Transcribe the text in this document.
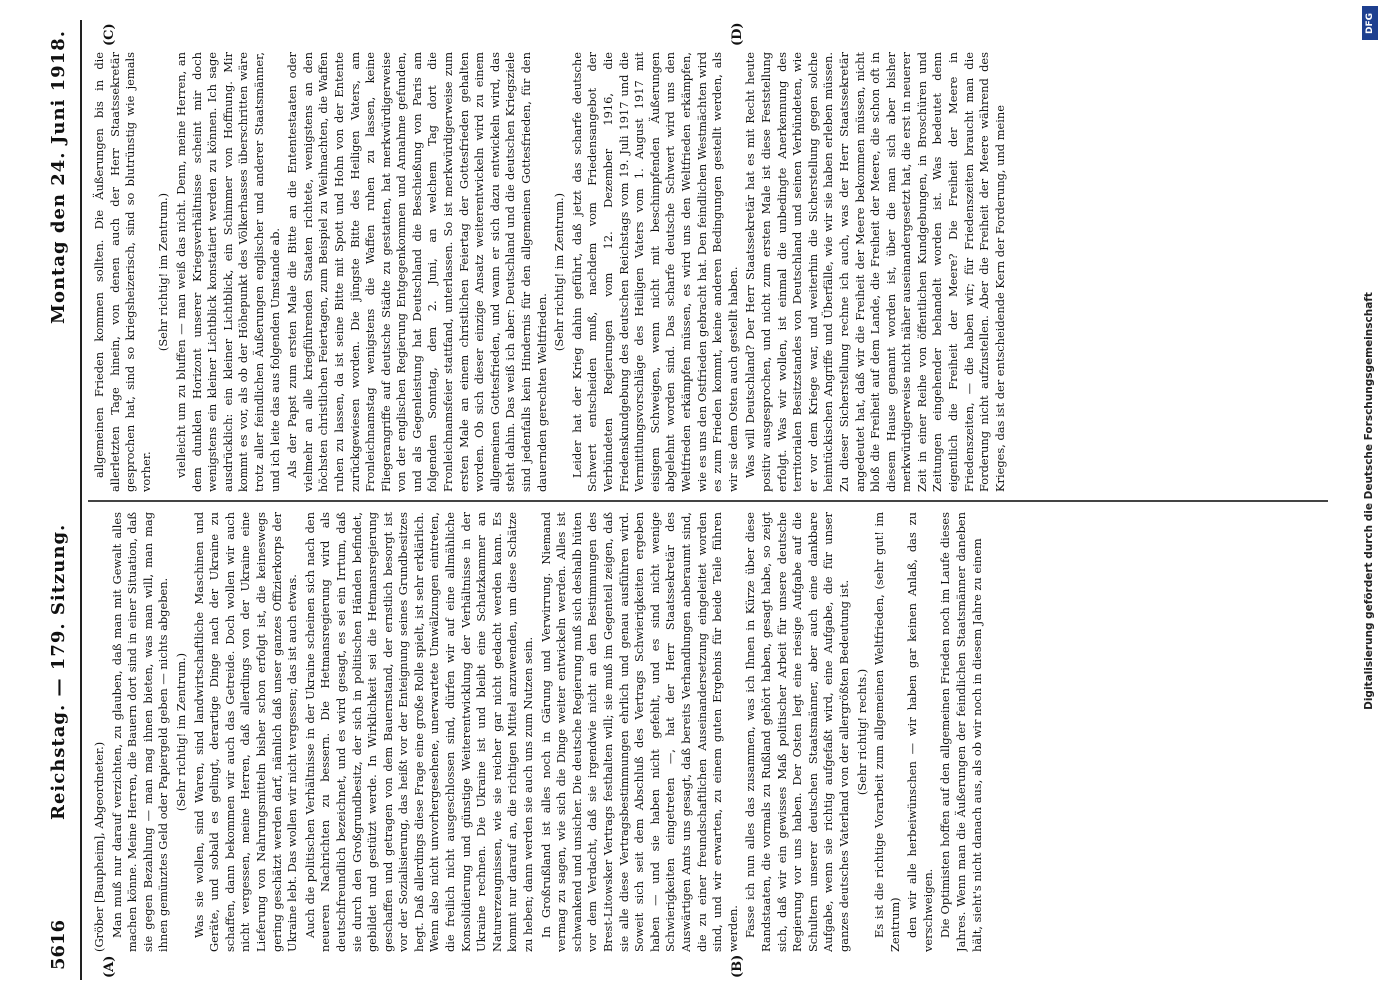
5616
Reichstag. — 179. Sitzung.
Montag den 24. Juni 1918.
(A)	(B)
(C)	(D)

(Gröber [Baupheim], Abgeordneter.) Man muß nur darauf verzichten, zu glauben, daß man mit Gewalt alles machen könne. Meine Herren, die Bauern dort sind in einer Situation, daß sie gegen Bezahlung — man mag ihnen bieten, was man will, man mag ihnen gemünztes Geld oder Papiergeld geben — nichts abgeben. (Sehr richtig! im Zentrum.) Was sie wollen, sind Waren, sind landwirtschaftliche Maschinen und Geräte, und sobald es gelingt, derartige Dinge nach der Ukraine zu schaffen, dann bekommen wir auch das Getreide. Doch wollen wir auch nicht vergessen, meine Herren, daß allerdings von der Ukraine eine Lieferung von Nahrungsmitteln bisher schon erfolgt ist, die keineswegs gering geschätzt werden darf, nämlich daß unser ganzes Offizierkorps der Ukraine lebt. Das wollen wir nicht vergessen; das ist auch etwas. Auch die politischen Verhältnisse in der Ukraine scheinen sich nach den neueren Nachrichten zu bessern. Die Hetmansregierung wird als deutschfreundlich bezeichnet, und es wird gesagt, es sei ein Irrtum, daß sie durch den Großgrundbesitz, der sich in politischen Händen befindet, gebildet und gestützt werde. In Wirklichkeit sei die Hetmansregierung geschaffen und getragen von dem Bauernstand, der ernstlich besorgt ist vor der Sozialisierung, das heißt vor der Enteignung seines Grundbesitzes hegt. Daß allerdings diese Frage eine große Rolle spielt, ist sehr erklärlich. Wenn also nicht unvorhergesehene, unerwartete Umwälzungen eintreten, die freilich nicht ausgeschlossen sind, dürfen wir auf eine allmähliche Konsolidierung und günstige Weiterentwicklung der Verhältnisse in der Ukraine rechnen. Die Ukraine ist und bleibt eine Schatzkammer an Naturerzeugnissen, wie sie reicher gar nicht gedacht werden kann. Es kommt nur darauf an, die richtigen Mittel anzuwenden, um diese Schätze zu heben; dann werden sie auch uns zum Nutzen sein. In Großrußland ist alles noch in Gärung und Verwirrung. Niemand vermag zu sagen, wie sich die Dinge weiter entwickeln werden. Alles ist schwankend und unsicher. Die deutsche Regierung muß sich deshalb hüten vor dem Verdacht, daß sie irgendwie nicht an den Bestimmungen des Brest-Litowsker Vertrags festhalten will; sie muß im Gegenteil zeigen, daß sie alle diese Vertragsbestimmungen ehrlich und genau ausführen wird. Soweit sich seit dem Abschluß des Vertrags Schwierigkeiten ergeben haben — und sie haben nicht gefehlt, und es sind nicht wenige Schwierigkeiten eingetreten —, hat der Herr Staatssekretär des Auswärtigen Amts uns gesagt, daß bereits Verhandlungen anberaumt sind, die zu einer freundschaftlichen Auseinandersetzung eingeleitet worden sind, und wir erwarten, zu einem guten Ergebnis für beide Teile führen werden. Fasse ich nun alles das zusammen, was ich Ihnen in Kürze über diese Randstaaten, die vormals zu Rußland gehört haben, gesagt habe, so zeigt sich, daß wir ein gewisses Maß politischer Arbeit für unsere deutsche Regierung vor uns haben. Der Osten legt eine riesige Aufgabe auf die Schultern unserer deutschen Staatsmänner, aber auch eine dankbare Aufgabe, wenn sie richtig aufgefaßt wird, eine Aufgabe, die für unser ganzes deutsches Vaterland von der allergrößten Bedeutung ist. (Sehr richtig! rechts.) Es ist die richtige Vorarbeit zum allgemeinen Weltfrieden, (sehr gut! im Zentrum) den wir alle herbeiwünschen — wir haben gar keinen Anlaß, das zu verschweigen. Die Optimisten hoffen auf den allgemeinen Frieden noch im Laufe dieses Jahres. Wenn man die Äußerungen der feindlichen Staatsmänner daneben hält, sieht's nicht danach aus, als ob wir noch in diesem Jahre zu einem

allgemeinen Frieden kommen sollten. Die Äußerungen bis in die allerletzten Tage hinein, von denen auch der Herr Staatssekretär gesprochen hat, sind so kriegsheizerisch, sind so blutrünstig wie jemals vorher.

(Sehr richtig! im Zentrum.) vielleicht um zu bluffen — man weiß das nicht. Denn, meine Herren, an dem dunklen Horizont unserer Kriegsverhältnisse scheint mir doch wenigstens ein kleiner Lichtblick konstatiert werden zu können. Ich sage ausdrücklich: ein kleiner Lichtblick, ein Schimmer von Hoffnung. Mir kommt es vor, als ob der Höhepunkt des Völkerhasses überschritten wäre trotz aller feindlichen Äußerungen englischer und anderer Staatsmänner, und ich leite das aus folgenden Umstande ab. Als der Papst zum ersten Male die Bitte an die Ententestaaten oder vielmehr an alle kriegführenden Staaten richtete, wenigstens an den höchsten christlichen Feiertagen, zum Beispiel zu Weihnachten, die Waffen ruhen zu lassen, da ist seine Bitte mit Spott und Hohn von der Entente zurückgewiesen worden. Die jüngste Bitte des Heiligen Vaters, am Fronleichnamstag wenigstens die Waffen ruhen zu lassen, keine Fliegerangriffe auf deutsche Städte zu gestatten, hat merkwürdigerweise von der englischen Regierung Entgegenkommen und Annahme gefunden, und als Gegenleistung hat Deutschland die Beschießung von Paris am folgenden Sonntag, dem 2. Juni, an welchem Tag dort die Fronleichnamsfeier stattfand, unterlassen. So ist merkwürdigerweise zum ersten Male an einem christlichen Feiertag der Gottesfrieden gehalten worden. Ob sich dieser einzige Ansatz weiterentwickeln wird zu einem allgemeinen Gottesfrieden, und wann er sich dazu entwickeln wird, das steht dahin. Das weiß ich aber: Deutschland und die deutschen Kriegsziele sind jedenfalls kein Hindernis für den allgemeinen Gottesfrieden, für den dauernden gerechten Weltfrieden.

(Sehr richtig! im Zentrum.) Leider hat der Krieg dahin geführt, daß jetzt das scharfe deutsche Schwert entscheiden muß, nachdem vom Friedensangebot der Verbündeten Regierungen vom 12. Dezember 1916, die Friedenskundgebung des deutschen Reichstags vom 19. Juli 1917 und die Vermittlungsvorschläge des Heiligen Vaters vom 1. August 1917 mit eisigem Schweigen, wenn nicht mit beschimpfenden Äußerungen abgelehnt worden sind. Das scharfe deutsche Schwert wird uns den Weltfrieden erkämpfen müssen, es wird uns den Weltfrieden erkämpfen, wie es uns den Ostfrieden gebracht hat. Den feindlichen Westmächten wird es zum Frieden kommt, keine anderen Bedingungen gestellt werden, als wir sie dem Osten auch gestellt haben. Was will Deutschland? Der Herr Staatssekretär hat es mit Recht heute positiv ausgesprochen, und nicht zum ersten Male ist diese Feststellung erfolgt. Was wir wollen, ist einmal die unbedingte Anerkennung des territorialen Besitzstandes von Deutschland und seinen Verbündeten, wie er vor dem Kriege war, und weiterhin die Sicherstellung gegen solche heimtückischen Angriffe und Überfälle, wie wir sie haben erleben müssen. Zu dieser Sicherstellung rechne ich auch, was der Herr Staatssekretär angedeutet hat, daß wir die Freiheit der Meere bekommen müssen, nicht bloß die Freiheit auf dem Lande, die Freiheit der Meere, die schon oft in diesem Hause genannt worden ist, über die man sich aber bisher merkwürdigerweise nicht näher auseinandergesetzt hat, die erst in neuerer Zeit in einer Reihe von öffentlichen Kundgebungen, in Broschüren und Zeitungen eingehender behandelt worden ist. Was bedeutet denn eigentlich die Freiheit der Meere? Die Freiheit der Meere in Friedenszeiten, — die haben wir; für Friedenszeiten braucht man die Forderung nicht aufzustellen. Aber die Freiheit der Meere während des Krieges, das ist der entscheidende Kern der Forderung, und meine

DFG
Digitalisierung gefördert durch die Deutsche Forschungsgemeinschaft
